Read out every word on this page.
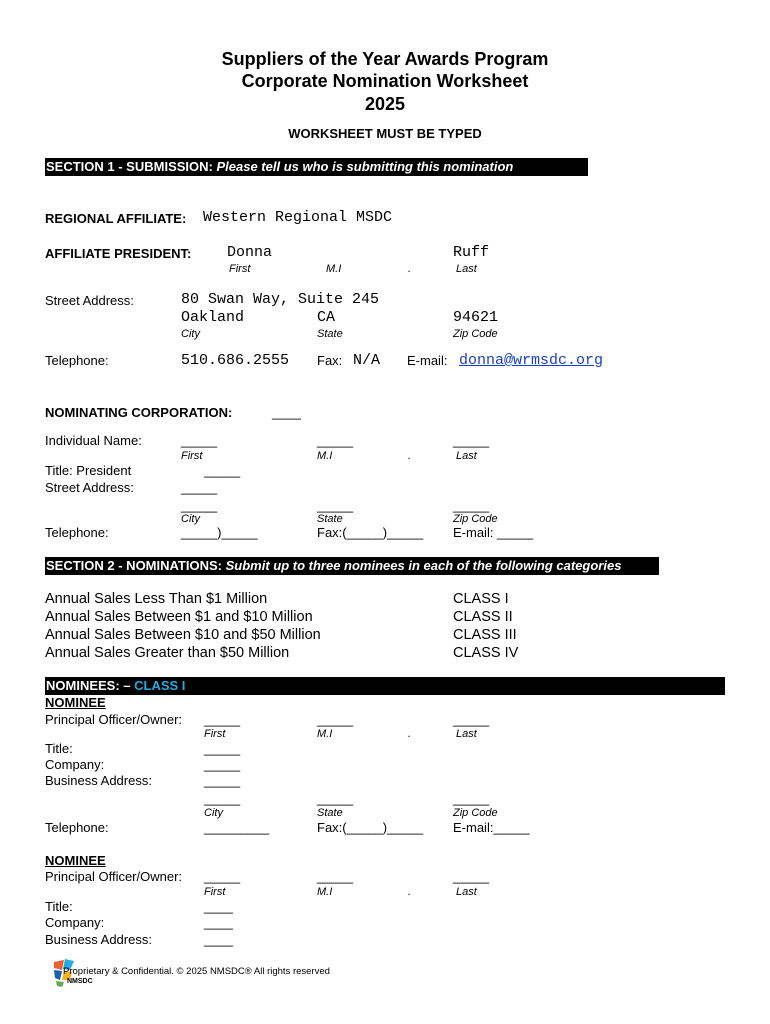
Suppliers of the Year Awards Program
Corporate Nomination Worksheet
2025
WORKSHEET MUST BE TYPED
SECTION 1 - SUBMISSION: Please tell us who is submitting this nomination
REGIONAL AFFILIATE: Western Regional MSDC
AFFILIATE PRESIDENT: Donna	Ruff
First	M.I	.	Last
Street Address:	80 Swan Way, Suite 245
Oakland	CA	94621
City	State	Zip Code
Telephone:	510.686.2555 Fax: N/A E-mail: donna@wrmsdc.org
NOMINATING CORPORATION:	____
Individual Name:	_____	_____	_____
First	M.I	.	Last
Title: President	_____
Street Address:	_____
_____	_____	_____
City	State	Zip Code
Telephone:	_____)_____	Fax:(_____)_____ E-mail: _____
SECTION 2 - NOMINATIONS: Submit up to three nominees in each of the following categories
Annual Sales Less Than $1 Million	CLASS I
Annual Sales Between $1 and $10 Million	CLASS II
Annual Sales Between $10 and $50 Million	CLASS III
Annual Sales Greater than $50 Million	CLASS IV
NOMINEES: – CLASS I
NOMINEE
Principal Officer/Owner: _____	_____	_____
First	M.I	.	Last
Title:	_____
Company:	_____
Business Address:	_____
_____	_____	_____
City	State	Zip Code
Telephone:	_________	Fax:(_____)_____ E-mail:_____
NOMINEE
Principal Officer/Owner: _____	_____	_____
First	M.I	.	Last
Title:	____
Company:	____
Business Address:	____
NMSDC
Proprietary & Confidential. © 2025 NMSDC® All rights reserved
